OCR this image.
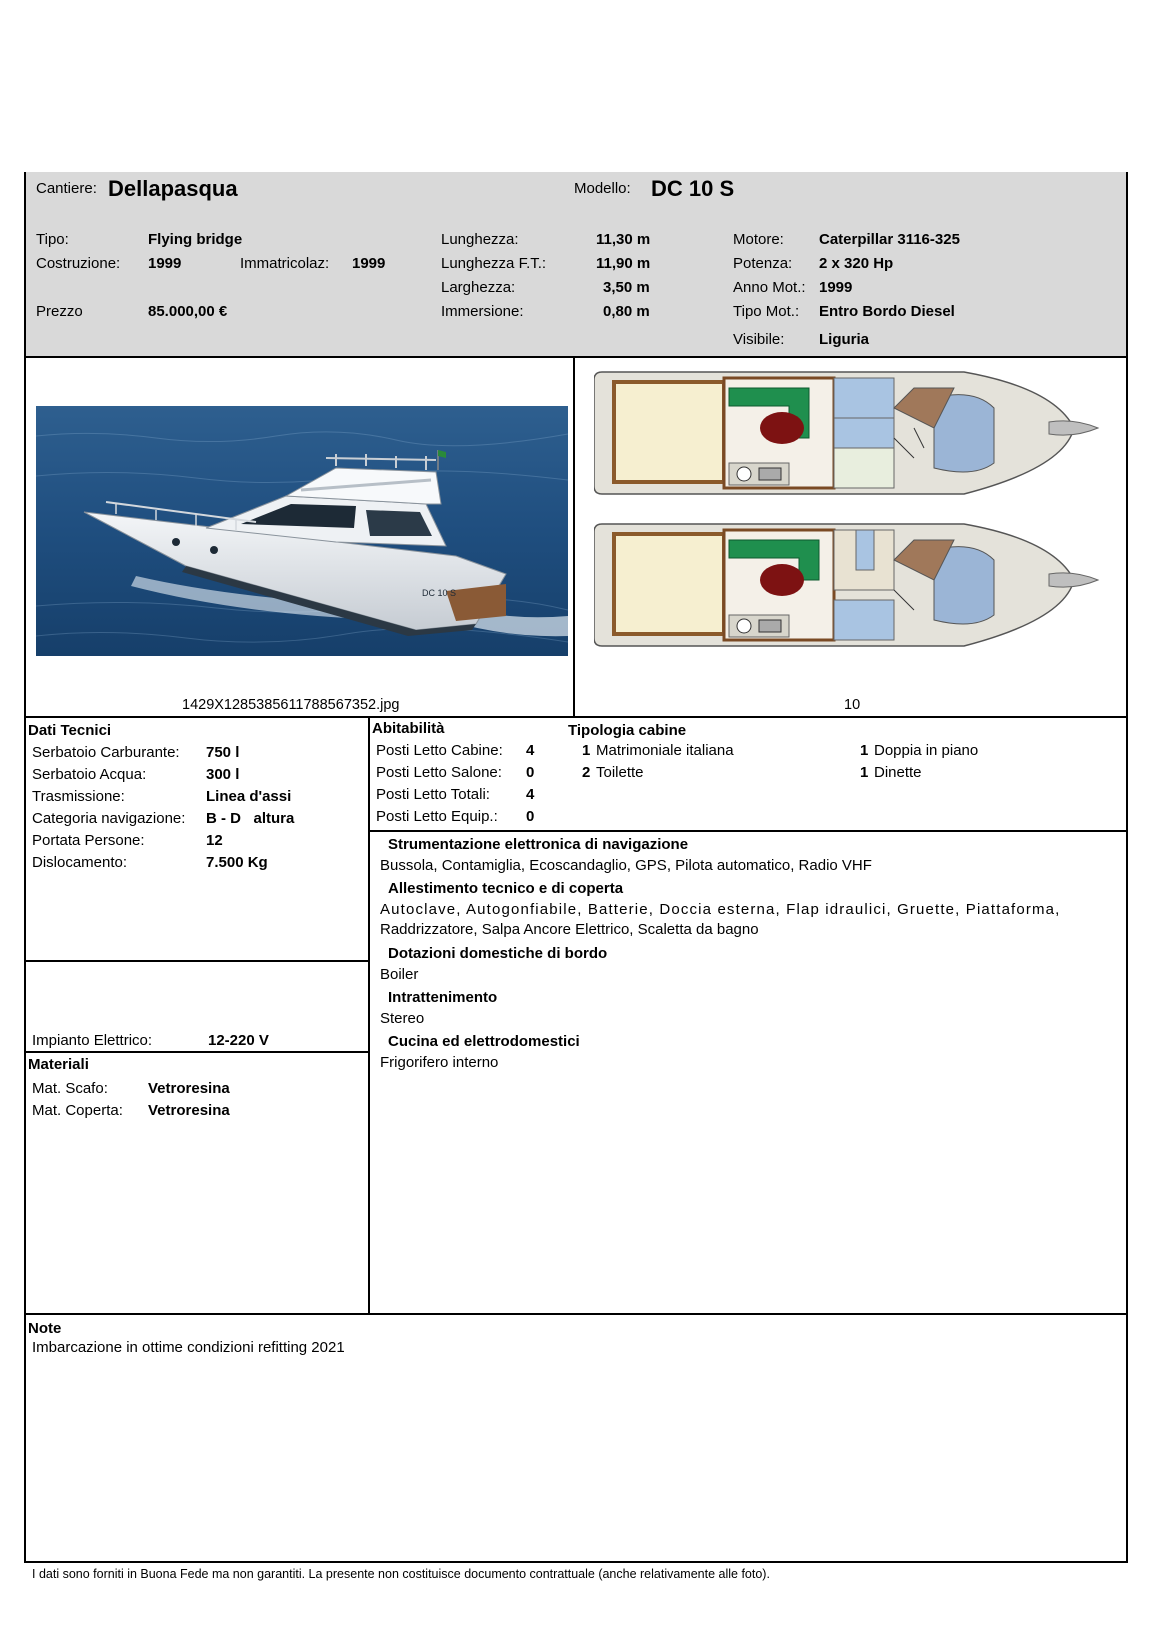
Cantiere: Dellapasqua	Modello: DC 10 S
Tipo:	Flying bridge
Costruzione: 1999	Immatricolaz: 1999
Prezzo	85.000,00 €
Lunghezza:	11,30 m
Lunghezza F.T.:	11,90 m
Larghezza:	3,50 m
Immersione:	0,80 m
Motore: Caterpillar 3116-325
Potenza: 2 x 320 Hp
Anno Mot.: 1999
Tipo Mot.: Entro Bordo Diesel
Visibile: Liguria
DC 10 S
1429X1285385611788567352.jpg	10
Dati Tecnici
Serbatoio Carburante: 750 l
Serbatoio Acqua:	300 l
Trasmissione:	Linea d'assi
Categoria navigazione: B - D   altura
Portata Persone:	12
Dislocamento:	7.500 Kg
Impianto Elettrico:	12-220 V
Materiali
Mat. Scafo:	Vetroresina
Mat. Coperta: Vetroresina
Abitabilità
Posti Letto Cabine: 4
Posti Letto Salone: 0
Posti Letto Totali: 4
Posti Letto Equip.: 0
Tipologia cabine
1 Matrimoniale italiana
2 Toilette
1 Doppia in piano
1 Dinette
Strumentazione elettronica di navigazione
Bussola, Contamiglia, Ecoscandaglio, GPS, Pilota automatico, Radio VHF
Allestimento tecnico e di coperta
Autoclave, Autogonfiabile, Batterie, Doccia esterna, Flap idraulici, Gruette, Piattaforma,
Raddrizzatore, Salpa Ancore Elettrico, Scaletta da bagno
Dotazioni domestiche di bordo
Boiler
Intrattenimento
Stereo
Cucina ed elettrodomestici
Frigorifero interno
Note
Imbarcazione in ottime condizioni refitting 2021
I dati sono forniti in Buona Fede ma non garantiti. La presente non costituisce documento contrattuale (anche relativamente alle foto).
